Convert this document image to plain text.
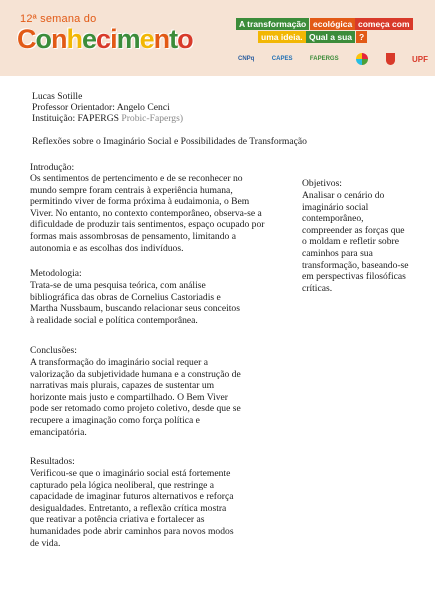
12ª semana do
Conhecimento	A transformação ecológica começa com
uma ideia. Qual a sua ?
CNPq	CAPES	FAPERGS	UPF
Lucas Sotille
Professor Orientador: Angelo Cenci
Instituição: FAPERGS Probic-Fapergs)
Reflexões sobre o Imaginário Social e Possibilidades de Transformação
Introdução:
Os sentimentos de pertencimento e de se reconhecer no
mundo sempre foram centrais à experiência humana,
permitindo viver de forma próxima à eudaimonia, o Bem
Viver. No entanto, no contexto contemporâneo, observa-se a
dificuldade de produzir tais sentimentos, espaço ocupado por
formas mais assombrosas de pensamento, limitando a
autonomia e as escolhas dos indivíduos.
Metodologia:
Trata-se de uma pesquisa teórica, com análise
bibliográfica das obras de Cornelius Castoriadis e
Martha Nussbaum, buscando relacionar seus conceitos
à realidade social e política contemporânea.
Conclusões:
A transformação do imaginário social requer a
valorização da subjetividade humana e a construção de
narrativas mais plurais, capazes de sustentar um
horizonte mais justo e compartilhado. O Bem Viver
pode ser retomado como projeto coletivo, desde que se
recupere a imaginação como força política e
emancipatória.
Resultados:
Verificou-se que o imaginário social está fortemente
capturado pela lógica neoliberal, que restringe a
capacidade de imaginar futuros alternativos e reforça
desigualdades. Entretanto, a reflexão crítica mostra
que reativar a potência criativa e fortalecer as
humanidades pode abrir caminhos para novos modos
de vida.
Objetivos:
Analisar o cenário do
imaginário social
contemporâneo,
compreender as forças que
o moldam e refletir sobre
caminhos para sua
transformação, baseando-se
em perspectivas filosóficas
críticas.
